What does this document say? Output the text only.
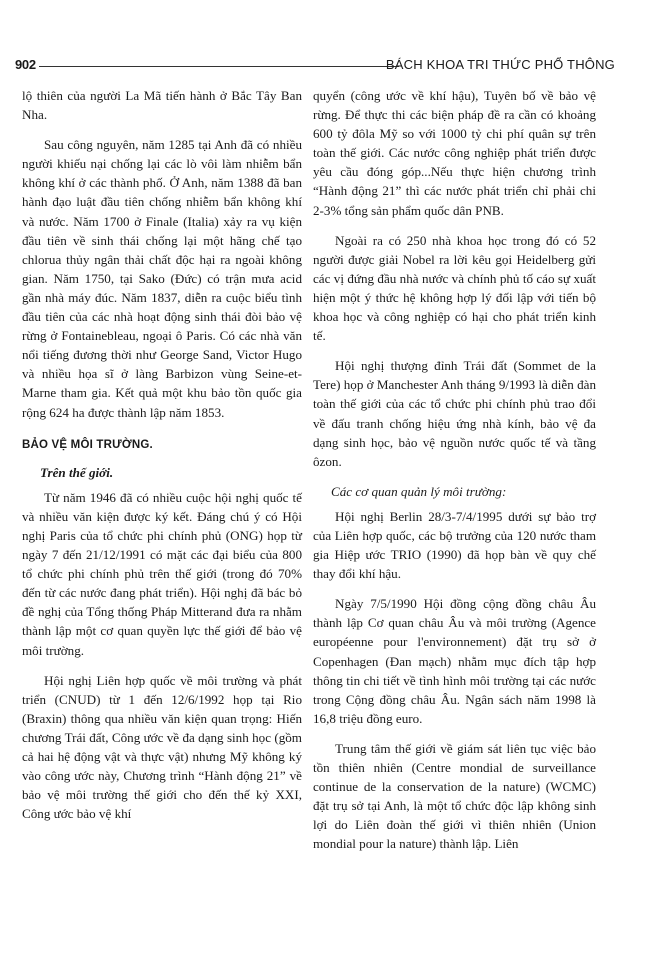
902	BÁCH KHOA TRI THỨC PHỔ THÔNG

lộ thiên của người La Mã tiến hành ở Bắc Tây Ban Nha.

Sau công nguyên, năm 1285 tại Anh đã có nhiều người khiếu nại chống lại các lò vôi làm nhiễm bẩn không khí ở các thành phố. Ở Anh, năm 1388 đã ban hành đạo luật đầu tiên chống nhiễm bẩn không khí và nước. Năm 1700 ở Finale (Italia) xảy ra vụ kiện đầu tiên về sinh thái chống lại một hãng chế tạo chlorua thủy ngân thải chất độc hại ra ngoài không gian. Năm 1750, tại Sako (Đức) có trận mưa acid gần nhà máy đúc. Năm 1837, diễn ra cuộc biểu tình đầu tiên của các nhà hoạt động sinh thái đòi bảo vệ rừng ở Fontainebleau, ngoại ô Paris. Có các nhà văn nổi tiếng đương thời như George Sand, Victor Hugo và nhiều họa sĩ ở làng Barbizon vùng Seine-et-Marne tham gia. Kết quả một khu bảo tồn quốc gia rộng 624 ha được thành lập năm 1853.

BẢO VỆ MÔI TRƯỜNG.
Trên thế giới.

Từ năm 1946 đã có nhiều cuộc hội nghị quốc tế và nhiều văn kiện được ký kết. Đáng chú ý có Hội nghị Paris của tổ chức phi chính phủ (ONG) họp từ ngày 7 đến 21/12/1991 có mặt các đại biểu của 800 tổ chức phi chính phủ trên thế giới (trong đó 70% đến từ các nước đang phát triển). Hội nghị đã bác bỏ đề nghị của Tổng thống Pháp Mitterand đưa ra nhằm thành lập một cơ quan quyền lực thế giới để bảo vệ môi trường.

Hội nghị Liên hợp quốc về môi trường và phát triển (CNUD) từ 1 đến 12/6/1992 họp tại Rio (Braxin) thông qua nhiều văn kiện quan trọng: Hiến chương Trái đất, Công ước về đa dạng sinh học (gồm cả hai hệ động vật và thực vật) nhưng Mỹ không ký vào công ước này, Chương trình “Hành động 21” về bảo vệ môi trường thế giới cho đến thế kỷ XXI, Công ước bảo vệ khí

quyển (công ước về khí hậu), Tuyên bố về bảo vệ rừng. Để thực thi các biện pháp đề ra cần có khoảng 600 tỷ đôla Mỹ so với 1000 tỷ chi phí quân sự trên toàn thế giới. Các nước công nghiệp phát triển được yêu cầu đóng góp...Nếu thực hiện chương trình “Hành động 21” thì các nước phát triển chỉ phải chi 2-3% tổng sản phẩm quốc dân PNB.

Ngoài ra có 250 nhà khoa học trong đó có 52 người được giải Nobel ra lời kêu gọi Heidelberg gửi các vị đứng đầu nhà nước và chính phủ tố cáo sự xuất hiện một ý thức hệ không hợp lý đối lập với tiến bộ khoa học và công nghiệp có hại cho phát triển kinh tế.

Hội nghị thượng đỉnh Trái đất (Sommet de la Tere) họp ở Manchester Anh tháng 9/1993 là diễn đàn toàn thế giới của các tổ chức phi chính phủ trao đổi về đấu tranh chống hiệu ứng nhà kính, bảo vệ đa dạng sinh học, bảo vệ nguồn nước quốc tế và tầng ôzon.

Các cơ quan quản lý môi trường:

Hội nghị Berlin 28/3-7/4/1995 dưới sự bảo trợ của Liên hợp quốc, các bộ trưởng của 120 nước tham gia Hiệp ước TRIO (1990) đã họp bàn về quy chế thay đổi khí hậu.

Ngày 7/5/1990 Hội đồng cộng đồng châu Âu thành lập Cơ quan châu Âu và môi trường (Agence européenne pour l'environnement) đặt trụ sở ở Copenhagen (Đan mạch) nhằm mục đích tập hợp thông tin chi tiết về tình hình môi trường tại các nước trong Cộng đồng châu Âu. Ngân sách năm 1998 là 16,8 triệu đồng euro.

Trung tâm thế giới về giám sát liên tục việc bảo tồn thiên nhiên (Centre mondial de surveillance continue de la conservation de la nature) (WCMC) đặt trụ sở tại Anh, là một tổ chức độc lập không sinh lợi do Liên đoàn thế giới vì thiên nhiên (Union mondial pour la nature) thành lập. Liên
